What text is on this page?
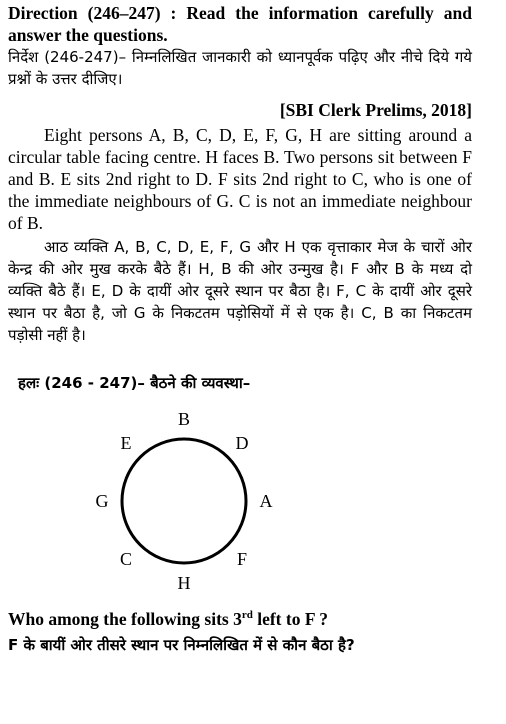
Direction (246–247) : Read the information carefully and answer the questions.
निर्देश (246-247)– निम्नलिखित जानकारी को ध्यानपूर्वक पढ़िए और नीचे दिये गये प्रश्नों के उत्तर दीजिए।
[SBI Clerk Prelims, 2018]
Eight persons A, B, C, D, E, F, G, H are sitting around a circular table facing centre. H faces B. Two persons sit between F and B. E sits 2nd right to D. F sits 2nd right to C, who is one of the immediate neighbours of G. C is not an immediate neighbour of B.
आठ व्यक्ति A, B, C, D, E, F, G और H एक वृत्ताकार मेज के चारों ओर केन्द्र की ओर मुख करके बैठे हैं। H, B की ओर उन्मुख है। F और B के मध्य दो व्यक्ति बैठे हैं। E, D के दायीं ओर दूसरे स्थान पर बैठा है। F, C के दायीं ओर दूसरे स्थान पर बैठा है, जो G के निकटतम पड़ोसियों में से एक है। C, B का निकटतम पड़ोसी नहीं है।
हलः (246 - 247)– बैठने की व्यवस्था–
B
D
A
F
H
C
G
E
Who among the following sits 3rd left to F ?
F के बायीं ओर तीसरे स्थान पर निम्नलिखित में से कौन बैठा है?
